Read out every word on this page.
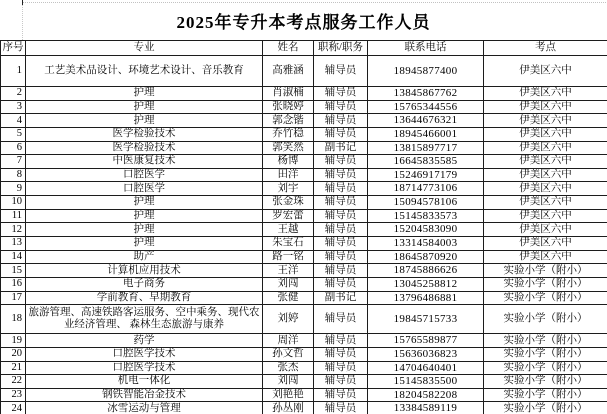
2025年专升本考点服务工作人员
序号	专业	姓名	职称/职务	联系电话	考点
1	工艺美术品设计、环境艺术设计、音乐教育	高雅涵	辅导员	18945877400	伊美区六中
2	护理	肖淑楠	辅导员	13845867762	伊美区六中
3	护理	张晓婷	辅导员	15765344556	伊美区六中
4	护理	郭念锴	辅导员	13644676321	伊美区六中
5	医学检验技术	乔竹稳	辅导员	18945466001	伊美区六中
6	医学检验技术	郭笑然	副书记	13815897717	伊美区六中
7	中医康复技术	杨博	辅导员	16645835585	伊美区六中
8	口腔医学	田洋	辅导员	15246917179	伊美区六中
9	口腔医学	刘宇	辅导员	18714773106	伊美区六中
10	护理	张金珠	辅导员	15094578106	伊美区六中
11	护理	罗宏蕾	辅导员	15145833573	伊美区六中
12	护理	王越	辅导员	15204583090	伊美区六中
13	护理	朱宝石	辅导员	13314584003	伊美区六中
14	助产	路一铭	辅导员	18645870920	伊美区六中
15	计算机应用技术	王洋	辅导员	18745886626	实验小学（附小）
16	电子商务	刘闯	辅导员	13045258812	实验小学（附小）
17	学前教育、早期教育	张健	副书记	13796486881	实验小学（附小）
18	旅游管理、高速铁路客运服务、空中乘务、现代农业经济管理、 森林生态旅游与康养	刘婷	辅导员	19845715733	实验小学（附小）
19	药学	周洋	辅导员	15765589877	实验小学（附小）
20	口腔医学技术	孙文哲	辅导员	15636036823	实验小学（附小）
21	口腔医学技术	张杰	辅导员	14704640401	实验小学（附小）
22	机电一体化	刘闯	辅导员	15145835500	实验小学（附小）
23	钢铁智能冶金技术	刘艳艳	辅导员	18204582208	实验小学（附小）
24	冰雪运动与管理	孙丛刚	辅导员	13384589119	实验小学（附小）
